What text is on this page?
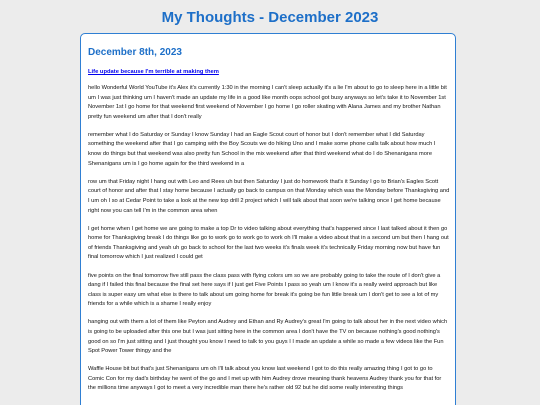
My Thoughts - December 2023
December 8th, 2023
Life update because I'm terrible at making them

hello Wonderful World YouTube it's Alex it's currently 1:30 in the morning I can't sleep actually it's a lie I'm about to go to sleep here in a little bit um I was just thinking um I haven't made an update my life in a good like month oops school got busy anyways so let's take it to November 1st November 1st I go home for that weekend first weekend of November I go home I go roller skating with Alana James and my brother Nathan pretty fun weekend um after that I don't really

remember what I do Saturday or Sunday I know Sunday I had an Eagle Scout court of honor but I don't remember what I did Saturday something the weekend after that I go camping with the Boy Scouts we do hiking Uno and I make some phone calls talk about how much I know do things but that weekend was also pretty fun School in the mix weekend after that third weekend what do I do Shenanigans more Shenanigans um is I go home again for the third weekend in a

row um that Friday night I hang out with Leo and Rees uh but then Saturday I just do homework that's it Sunday I go to Brian's Eagles Scott court of honor and after that I stay home because I actually go back to campus on that Monday which was the Monday before Thanksgiving and I um oh I so at Cedar Point to take a look at the new top drill 2 project which I will talk about that soon we're talking once I get home because right now you can tell I'm in the common area when

I get home when I get home we are going to make a top Dr to video talking about everything that's happened since I last talked about it then go home for Thanksgiving break I do things like go to work go to work go to work oh I'll make a video about that in a second um but then I hang out of friends Thanksgiving and yeah uh go back to school for the last two weeks it's finals week it's technically Friday morning now but have fun final tomorrow which I just realized I could get

five points on the final tomorrow five still pass the class pass with flying colors um so we are probably going to take the route of I don't give a dang if I failed this final because the final set here says if I just get Five Points I pass so yeah um I know it's a really weird approach but like class is super easy um what else is there to talk about um going home for break it's going be fun little break um I don't get to see a lot of my friends for a while which is a shame I really enjoy

hanging out with them a lot of them like Peyton and Audrey and Ethan and Ry Audrey's great I'm going to talk about her in the next video which is going to be uploaded after this one but I was just sitting here in the common area I don't have the TV on because nothing's good nothing's good on so I'm just sitting and I just thought you know I need to talk to you guys I I made an update a while so made a few videos like the Fun Spot Power Tower thingy and the

Waffle House bit but that's just Shenanigans um oh I'll talk about you know last weekend I got to do this really amazing thing I got to go to Comic Con for my dad's birthday he went of the go and I met up with him Audrey drove meaning thank heavens Audrey thank you for that for the millions time anyways I got to meet a very incredible man there he's rather old 92 but he did some really interesting things
